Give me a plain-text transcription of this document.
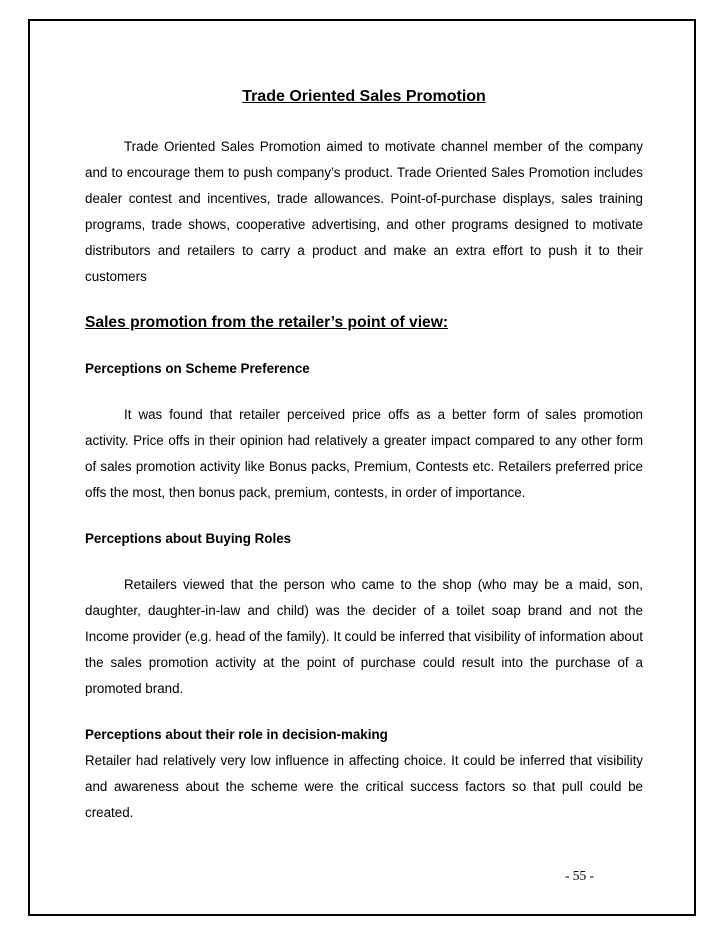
Trade Oriented Sales Promotion

Trade Oriented Sales Promotion aimed to motivate channel member of the company and to encourage them to push company’s product. Trade Oriented Sales Promotion includes dealer contest and incentives, trade allowances. Point-of-purchase displays, sales training programs, trade shows, cooperative advertising, and other programs designed to motivate distributors and retailers to carry a product and make an extra effort to push it to their customers

Sales promotion from the retailer’s point of view:
Perceptions on Scheme Preference

It was found that retailer perceived price offs as a better form of sales promotion activity. Price offs in their opinion had relatively a greater impact compared to any other form of sales promotion activity like Bonus packs, Premium, Contests etc. Retailers preferred price offs the most, then bonus pack, premium, contests, in order of importance.

Perceptions about Buying Roles

Retailers viewed that the person who came to the shop (who may be a maid, son, daughter, daughter-in-law and child) was the decider of a toilet soap brand and not the Income provider (e.g. head of the family). It could be inferred that visibility of information about the sales promotion activity at the point of purchase could result into the purchase of a promoted brand.

Perceptions about their role in decision-making

Retailer had relatively very low influence in affecting choice. It could be inferred that visibility and awareness about the scheme were the critical success factors so that pull could be created.

- 55 -
